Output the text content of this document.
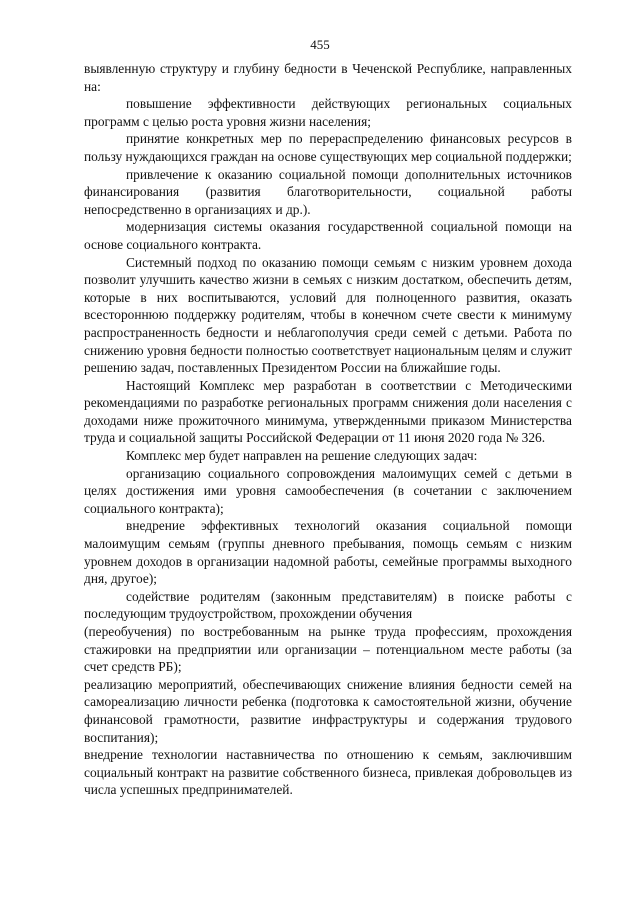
455

выявленную структуру и глубину бедности в Чеченской Республике, направленных на:

повышение эффективности действующих региональных социальных программ с целью роста уровня жизни населения;

принятие конкретных мер по перераспределению финансовых ресурсов в пользу нуждающихся граждан на основе существующих мер социальной поддержки;

привлечение к оказанию социальной помощи дополнительных источников финансирования (развития благотворительности, социальной работы непосредственно в организациях и др.).

модернизация системы оказания государственной социальной помощи на основе социального контракта.

Системный подход по оказанию помощи семьям с низким уровнем дохода позволит улучшить качество жизни в семьях с низким достатком, обеспечить детям, которые в них воспитываются, условий для полноценного развития, оказать всестороннюю поддержку родителям, чтобы в конечном счете свести к минимуму распространенность бедности и неблагополучия среди семей с детьми. Работа по снижению уровня бедности полностью соответствует национальным целям и служит решению задач, поставленных Президентом России на ближайшие годы.

Настоящий Комплекс мер разработан в соответствии с Методическими рекомендациями по разработке региональных программ снижения доли населения с доходами ниже прожиточного минимума, утвержденными приказом Министерства труда и социальной защиты Российской Федерации от 11 июня 2020 года № 326.

Комплекс мер будет направлен на решение следующих задач:

организацию социального сопровождения малоимущих семей с детьми в целях достижения ими уровня самообеспечения (в сочетании с заключением социального контракта);

внедрение эффективных технологий оказания социальной помощи малоимущим семьям (группы дневного пребывания, помощь семьям с низким уровнем доходов в организации надомной работы, семейные программы выходного дня, другое);

содействие родителям (законным представителям) в поиске работы с последующим трудоустройством, прохождении обучения

(переобучения) по востребованным на рынке труда профессиям, прохождения стажировки на предприятии или организации – потенциальном месте работы (за счет средств РБ);

реализацию мероприятий, обеспечивающих снижение влияния бедности семей на самореализацию личности ребенка (подготовка к самостоятельной жизни, обучение финансовой грамотности, развитие инфраструктуры и содержания трудового воспитания);

внедрение технологии наставничества по отношению к семьям, заключившим социальный контракт на развитие собственного бизнеса, привлекая добровольцев из числа успешных предпринимателей.
